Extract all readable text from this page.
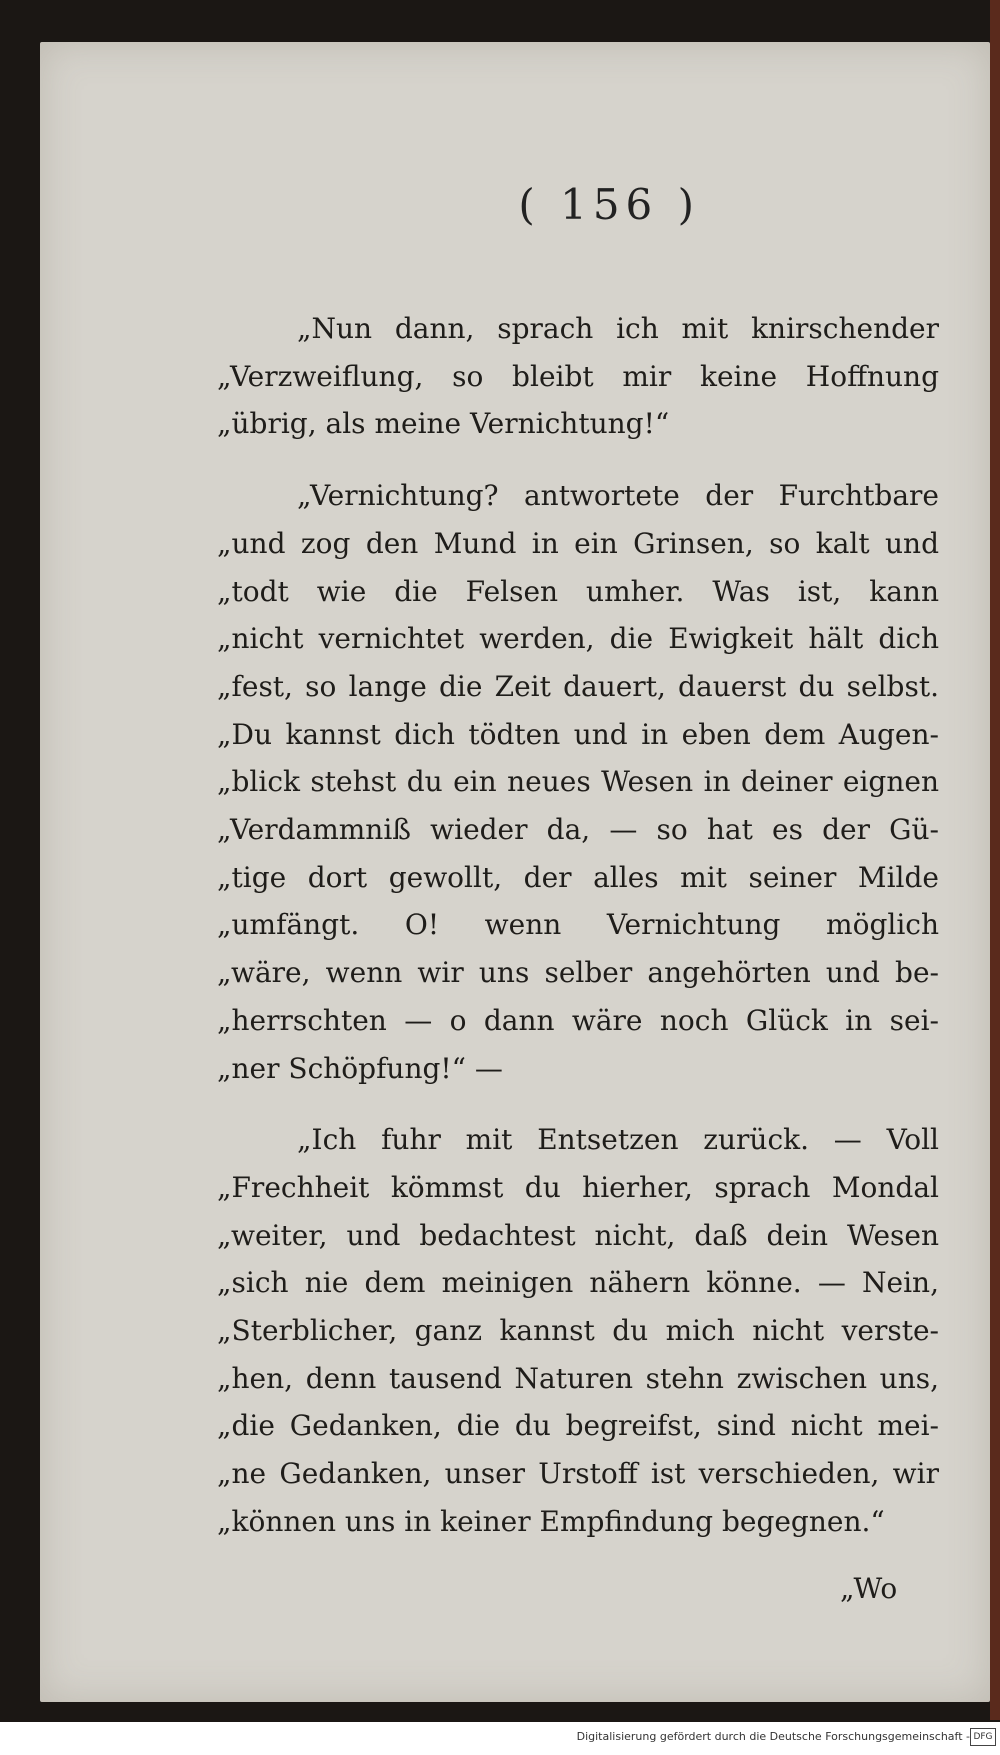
( 156 )

„Nun dann, sprach ich mit knirschender
„Verzweiflung, so bleibt mir keine Hoffnung
„übrig, als meine Vernichtung!“

„Vernichtung? antwortete der Furchtbare
„und zog den Mund in ein Grinsen, so kalt und
„todt wie die Felsen umher. Was ist, kann
„nicht vernichtet werden, die Ewigkeit hält dich
„fest, so lange die Zeit dauert, dauerst du selbst.
„Du kannst dich tödten und in eben dem Augen-
„blick stehst du ein neues Wesen in deiner eignen
„Verdammniß wieder da, — so hat es der Gü-
„tige dort gewollt, der alles mit seiner Milde
„umfängt. O! wenn Vernichtung möglich
„wäre, wenn wir uns selber angehörten und be-
„herrschten — o dann wäre noch Glück in sei-
„ner Schöpfung!“ —

„Ich fuhr mit Entsetzen zurück. — Voll
„Frechheit kömmst du hierher, sprach Mondal
„weiter, und bedachtest nicht, daß dein Wesen
„sich nie dem meinigen nähern könne. — Nein,
„Sterblicher, ganz kannst du mich nicht verste-
„hen, denn tausend Naturen stehn zwischen uns,
„die Gedanken, die du begreifst, sind nicht mei-
„ne Gedanken, unser Urstoff ist verschieden, wir
„können uns in keiner Empfindung begegnen.“

„Wo
Digitalisierung gefördert durch die Deutsche Forschungsgemeinschaft - DFG
